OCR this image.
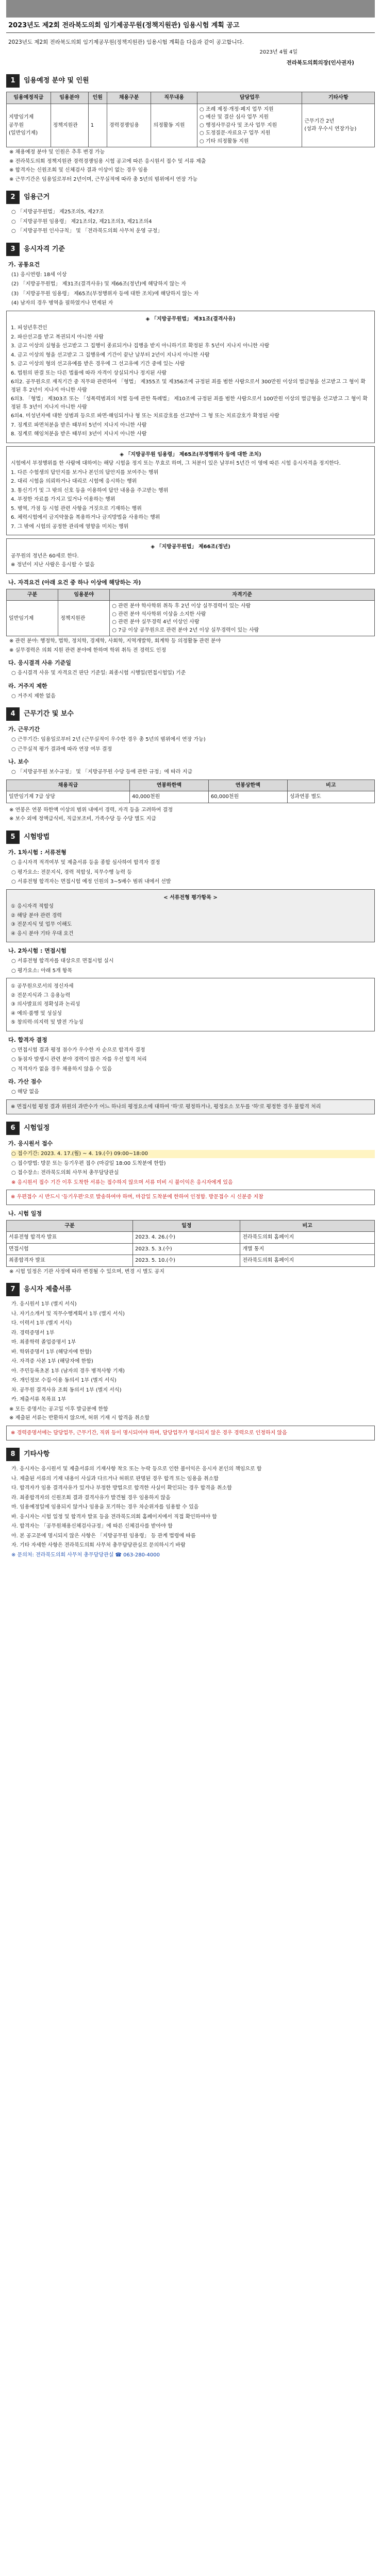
2023년도 제2회 전라북도의회 임기제공무원(정책지원관) 임용시험 계획 공고
2023년도 제2회 전라북도의회 임기제공무원(정책지원관) 임용시험 계획을 다음과 같이 공고합니다.
2023년 4월 4일
전라북도의회의장(인사권자)
1	임용예정 분야 및 인원
임용예정직급	임용분야	인원	채용구분	직무내용	담당업무	기타사항
지방임기제
공무원
(일반임기제)	정책지원관	1	경력경쟁임용	의정활동 지원	○ 조례 제정·개정·폐지 업무 지원
○ 예산 및 결산 심사 업무 지원
○ 행정사무감사 및 조사 업무 지원
○ 도정질문·자료요구 업무 지원
○ 기타 의정활동 지원	근무기간 2년
(성과 우수시 연장가능)
※ 채용예정 분야 및 인원은 추후 변경 가능
※ 전라북도의회 정책지원관 경력경쟁임용 시험 공고에 따른 응시원서 접수 및 서류 제출
※ 합격자는 신원조회 및 신체검사 결과 이상이 없는 경우 임용
※ 근무기간은 임용일로부터 2년이며, 근무실적에 따라 총 5년의 범위에서 연장 가능
2	임용근거
○ 「지방공무원법」 제25조의5, 제27조
○ 「지방공무원 임용령」 제21조의2, 제21조의3, 제21조의4
○ 「지방공무원 인사규칙」 및 「전라북도의회 사무처 운영 규정」
3	응시자격 기준
가. 공통요건
(1) 응시연령: 18세 이상
(2) 「지방공무원법」 제31조(결격사유) 및 제66조(정년)에 해당하지 않는 자
(3) 「지방공무원 임용령」 제65조(부정행위자 등에 대한 조치)에 해당하지 않는 자
(4) 남자의 경우 병역을 필하였거나 면제된 자
◈ 「지방공무원법」 제31조(결격사유)
1. 피성년후견인
2. 파산선고를 받고 복권되지 아니한 사람
3. 금고 이상의 실형을 선고받고 그 집행이 종료되거나 집행을 받지 아니하기로 확정된 후 5년이 지나지 아니한 사람
4. 금고 이상의 형을 선고받고 그 집행유예 기간이 끝난 날부터 2년이 지나지 아니한 사람
5. 금고 이상의 형의 선고유예를 받은 경우에 그 선고유예 기간 중에 있는 사람
6. 법원의 판결 또는 다른 법률에 따라 자격이 상실되거나 정지된 사람
6의2. 공무원으로 재직기간 중 직무와 관련하여 「형법」 제355조 및 제356조에 규정된 죄를 범한 사람으로서 300만원 이상의 벌금형을 선고받고 그 형이 확정된 후 2년이 지나지 아니한 사람
6의3. 「형법」 제303조 또는 「성폭력범죄의 처벌 등에 관한 특례법」 제10조에 규정된 죄를 범한 사람으로서 100만원 이상의 벌금형을 선고받고 그 형이 확정된 후 3년이 지나지 아니한 사람
6의4. 미성년자에 대한 성범죄 등으로 파면·해임되거나 형 또는 치료감호를 선고받아 그 형 또는 치료감호가 확정된 사람
7. 징계로 파면처분을 받은 때부터 5년이 지나지 아니한 사람
8. 징계로 해임처분을 받은 때부터 3년이 지나지 아니한 사람
◈ 「지방공무원 임용령」 제65조(부정행위자 등에 대한 조치)
시험에서 부정행위를 한 사람에 대하여는 해당 시험을 정지 또는 무효로 하며, 그 처분이 있은 날부터 5년간 이 영에 따른 시험 응시자격을 정지한다.
1. 다른 수험생의 답안지를 보거나 본인의 답안지를 보여주는 행위
2. 대리 시험을 의뢰하거나 대리로 시험에 응시하는 행위
3. 통신기기 및 그 밖의 신호 등을 이용하여 답안 내용을 주고받는 행위
4. 부정한 자료를 가지고 있거나 이용하는 행위
5. 병역, 가점 등 시험 관련 사항을 거짓으로 기재하는 행위
6. 체력시험에서 금지약물을 복용하거나 금지방법을 사용하는 행위
7. 그 밖에 시험의 공정한 관리에 영향을 미치는 행위
◈ 「지방공무원법」 제66조(정년)
공무원의 정년은 60세로 한다.
※ 정년이 지난 사람은 응시할 수 없음
나. 자격요건 (아래 요건 중 하나 이상에 해당하는 자)
구분	임용분야	자격기준
일반임기제	정책지원관	○ 관련 분야 학사학위 취득 후 2년 이상 실무경력이 있는 사람
○ 관련 분야 석사학위 이상을 소지한 사람
○ 관련 분야 실무경력 4년 이상인 사람
○ 7급 이상 공무원으로 관련 분야 2년 이상 실무경력이 있는 사람
※ 관련 분야: 행정학, 법학, 정치학, 경제학, 사회학, 지역개발학, 회계학 등 의정활동 관련 분야
※ 실무경력은 의회 지원 관련 분야에 한하며 학위 취득 전 경력도 인정
다. 응시결격 사유 기준일
○ 응시결격 사유 및 자격요건 판단 기준일: 최종시험 시행일(면접시험일) 기준
라. 거주지 제한
○ 거주지 제한 없음
4	근무기간 및 보수
가. 근무기간
○ 근무기간: 임용일로부터 2년 (근무실적이 우수한 경우 총 5년의 범위에서 연장 가능)
○ 근무실적 평가 결과에 따라 연장 여부 결정
나. 보수
○ 「지방공무원 보수규정」 및 「지방공무원 수당 등에 관한 규정」에 따라 지급
채용직급	연봉하한액	연봉상한액	비고
일반임기제 7급 상당	40,000천원	60,000천원	성과연봉 별도
※ 연봉은 연봉 하한액 이상의 범위 내에서 경력, 자격 등을 고려하여 결정
※ 보수 외에 정액급식비, 직급보조비, 가족수당 등 수당 별도 지급
5	시험방법
가. 1차시험 : 서류전형
○ 응시자격 적격여부 및 제출서류 등을 종합 심사하여 합격자 결정
○ 평가요소: 전문지식, 경력 적합성, 직무수행 능력 등
○ 서류전형 합격자는 면접시험 예정 인원의 3~5배수 범위 내에서 선발
< 서류전형 평가항목 >
① 응시자격 적합성
② 해당 분야 관련 경력
③ 전문지식 및 업무 이해도
④ 응시 분야 기타 우대 요건
나. 2차시험 : 면접시험
○ 서류전형 합격자를 대상으로 면접시험 실시
○ 평가요소: 아래 5개 항목
① 공무원으로서의 정신자세
② 전문지식과 그 응용능력
③ 의사발표의 정확성과 논리성
④ 예의·품행 및 성실성
⑤ 창의력·의지력 및 발전 가능성
다. 합격자 결정
○ 면접시험 결과 평정 점수가 우수한 자 순으로 합격자 결정
○ 동점자 발생시 관련 분야 경력이 많은 자를 우선 합격 처리
○ 적격자가 없을 경우 채용하지 않을 수 있음
라. 가산 점수
○ 해당 없음
※ 면접시험 평정 결과 위원의 과반수가 어느 하나의 평정요소에 대하여 '하'로 평정하거나, 평정요소 모두를 '하'로 평정한 경우 불합격 처리
6	시험일정
가. 응시원서 접수
○ 접수기간: 2023. 4. 17.(월) ~ 4. 19.(수) 09:00~18:00
○ 접수방법: 방문 또는 등기우편 접수 (마감일 18:00 도착분에 한함)
○ 접수장소: 전라북도의회 사무처 총무담당관실
※ 응시원서 접수 기간 이후 도착한 서류는 접수하지 않으며 서류 미비 시 불이익은 응시자에게 있음
※ 우편접수 시 반드시 '등기우편'으로 발송하여야 하며, 마감일 도착분에 한하여 인정함. 방문접수 시 신분증 지참
나. 시험 일정
구분	일정	비고
서류전형 합격자 발표	2023. 4. 26.(수)	전라북도의회 홈페이지
면접시험	2023. 5. 3.(수)	개별 통지
최종합격자 발표	2023. 5. 10.(수)	전라북도의회 홈페이지
※ 시험 일정은 기관 사정에 따라 변경될 수 있으며, 변경 시 별도 공지
7	응시자 제출서류
가. 응시원서 1부 (별지 서식)
나. 자기소개서 및 직무수행계획서 1부 (별지 서식)
다. 이력서 1부 (별지 서식)
라. 경력증명서 1부
마. 최종학력 졸업증명서 1부
바. 학위증명서 1부 (해당자에 한함)
사. 자격증 사본 1부 (해당자에 한함)
아. 주민등록초본 1부 (남자의 경우 병적사항 기재)
자. 개인정보 수집·이용 동의서 1부 (별지 서식)
차. 공무원 결격사유 조회 동의서 1부 (별지 서식)
카. 제출서류 목록표 1부
※ 모든 증명서는 공고일 이후 발급분에 한함
※ 제출된 서류는 반환하지 않으며, 허위 기재 시 합격을 취소함
※ 경력증명서에는 담당업무, 근무기간, 직위 등이 명시되어야 하며, 담당업무가 명시되지 않은 경우 경력으로 인정하지 않음
8	기타사항
가. 응시자는 응시원서 및 제출서류의 기재사항 착오 또는 누락 등으로 인한 불이익은 응시자 본인의 책임으로 함
나. 제출된 서류의 기재 내용이 사실과 다르거나 허위로 판명된 경우 합격 또는 임용을 취소함
다. 합격자가 임용 결격사유가 있거나 부정한 방법으로 합격한 사실이 확인되는 경우 합격을 취소함
라. 최종합격자의 신원조회 결과 결격사유가 발견될 경우 임용하지 않음
마. 임용예정일에 임용되지 않거나 임용을 포기하는 경우 차순위자를 임용할 수 있음
바. 응시자는 시험 일정 및 합격자 발표 등을 전라북도의회 홈페이지에서 직접 확인하여야 함
사. 합격자는 「공무원채용신체검사규정」에 따른 신체검사를 받아야 함
아. 본 공고문에 명시되지 않은 사항은 「지방공무원 임용령」 등 관계 법령에 따름
자. 기타 자세한 사항은 전라북도의회 사무처 총무담당관실로 문의하시기 바람
※ 문의처: 전라북도의회 사무처 총무담당관실 ☎ 063-280-4000
